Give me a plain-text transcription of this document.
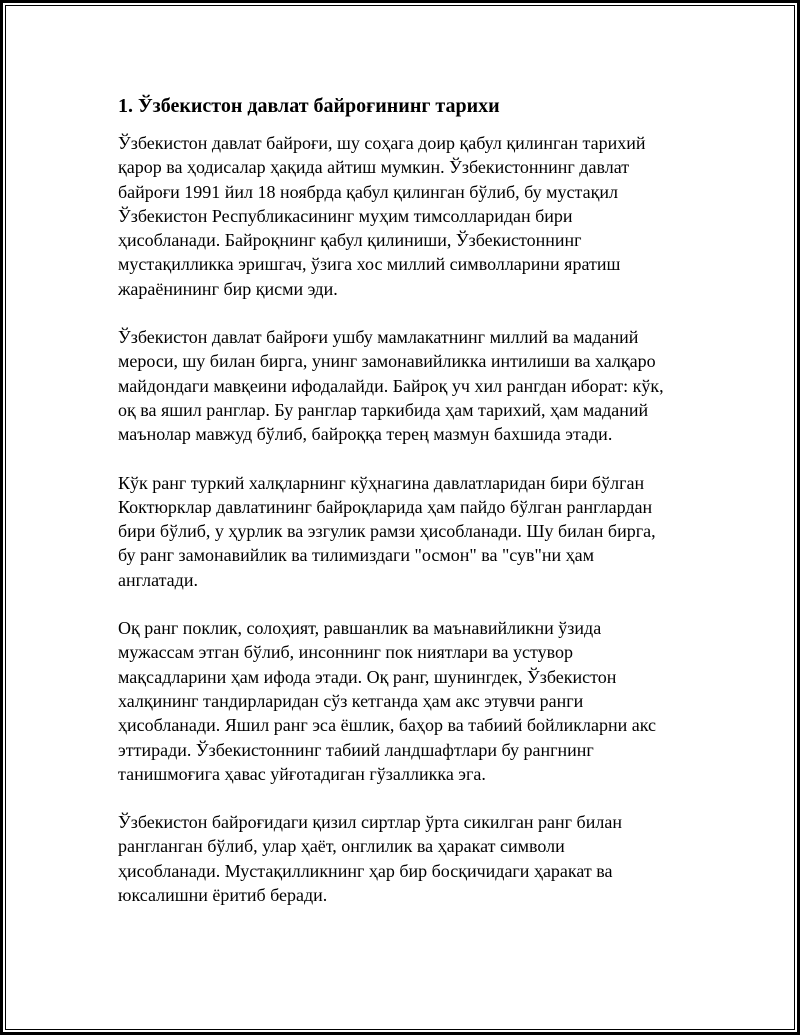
1. Ўзбекистон давлат байроғининг тарихи
Ўзбекистон давлат байроғи, шу соҳага доир қабул қилинган тарихий
қарор ва ҳодисалар ҳақида айтиш мумкин. Ўзбекистоннинг давлат
байроғи 1991 йил 18 ноябрда қабул қилинган бўлиб, бу мустақил
Ўзбекистон Республикасининг муҳим тимсолларидан бири
ҳисобланади. Байроқнинг қабул қилиниши, Ўзбекистоннинг
мустақилликка эришгач, ўзига хос миллий символларини яратиш
жараёнининг бир қисми эди.
Ўзбекистон давлат байроғи ушбу мамлакатнинг миллий ва маданий
мероси, шу билан бирга, унинг замонавийликка интилиши ва халқаро
майдондаги мавқеини ифодалайди. Байроқ уч хил рангдан иборат: кўк,
оқ ва яшил ранглар. Бу ранглар таркибида ҳам тарихий, ҳам маданий
маънолар мавжуд бўлиб, байроққа терең мазмун бахшида этади.
Кўк ранг туркий халқларнинг кўҳнагина давлатларидан бири бўлган
Коктюрклар давлатининг байроқларида ҳам пайдо бўлган ранглардан
бири бўлиб, у ҳурлик ва эзгулик рамзи ҳисобланади. Шу билан бирга,
бу ранг замонавийлик ва тилимиздаги "осмон" ва "сув"ни ҳам
англатади.
Оқ ранг поклик, солоҳият, равшанлик ва маънавийликни ўзида
мужассам этган бўлиб, инсоннинг пок ниятлари ва устувор
мақсадларини ҳам ифода этади. Оқ ранг, шунингдек, Ўзбекистон
халқининг тандирларидан сўз кетганда ҳам акс этувчи ранги
ҳисобланади. Яшил ранг эса ёшлик, баҳор ва табиий бойликларни акс
эттиради. Ўзбекистоннинг табиий ландшафтлари бу рангнинг
танишмоғига ҳавас уйғотадиган гўзалликка эга.
Ўзбекистон байроғидаги қизил сиртлар ўрта сикилган ранг билан
рангланган бўлиб, улар ҳаёт, онглилик ва ҳаракат символи
ҳисобланади. Мустақилликнинг ҳар бир босқичидаги ҳаракат ва
юксалишни ёритиб беради.
